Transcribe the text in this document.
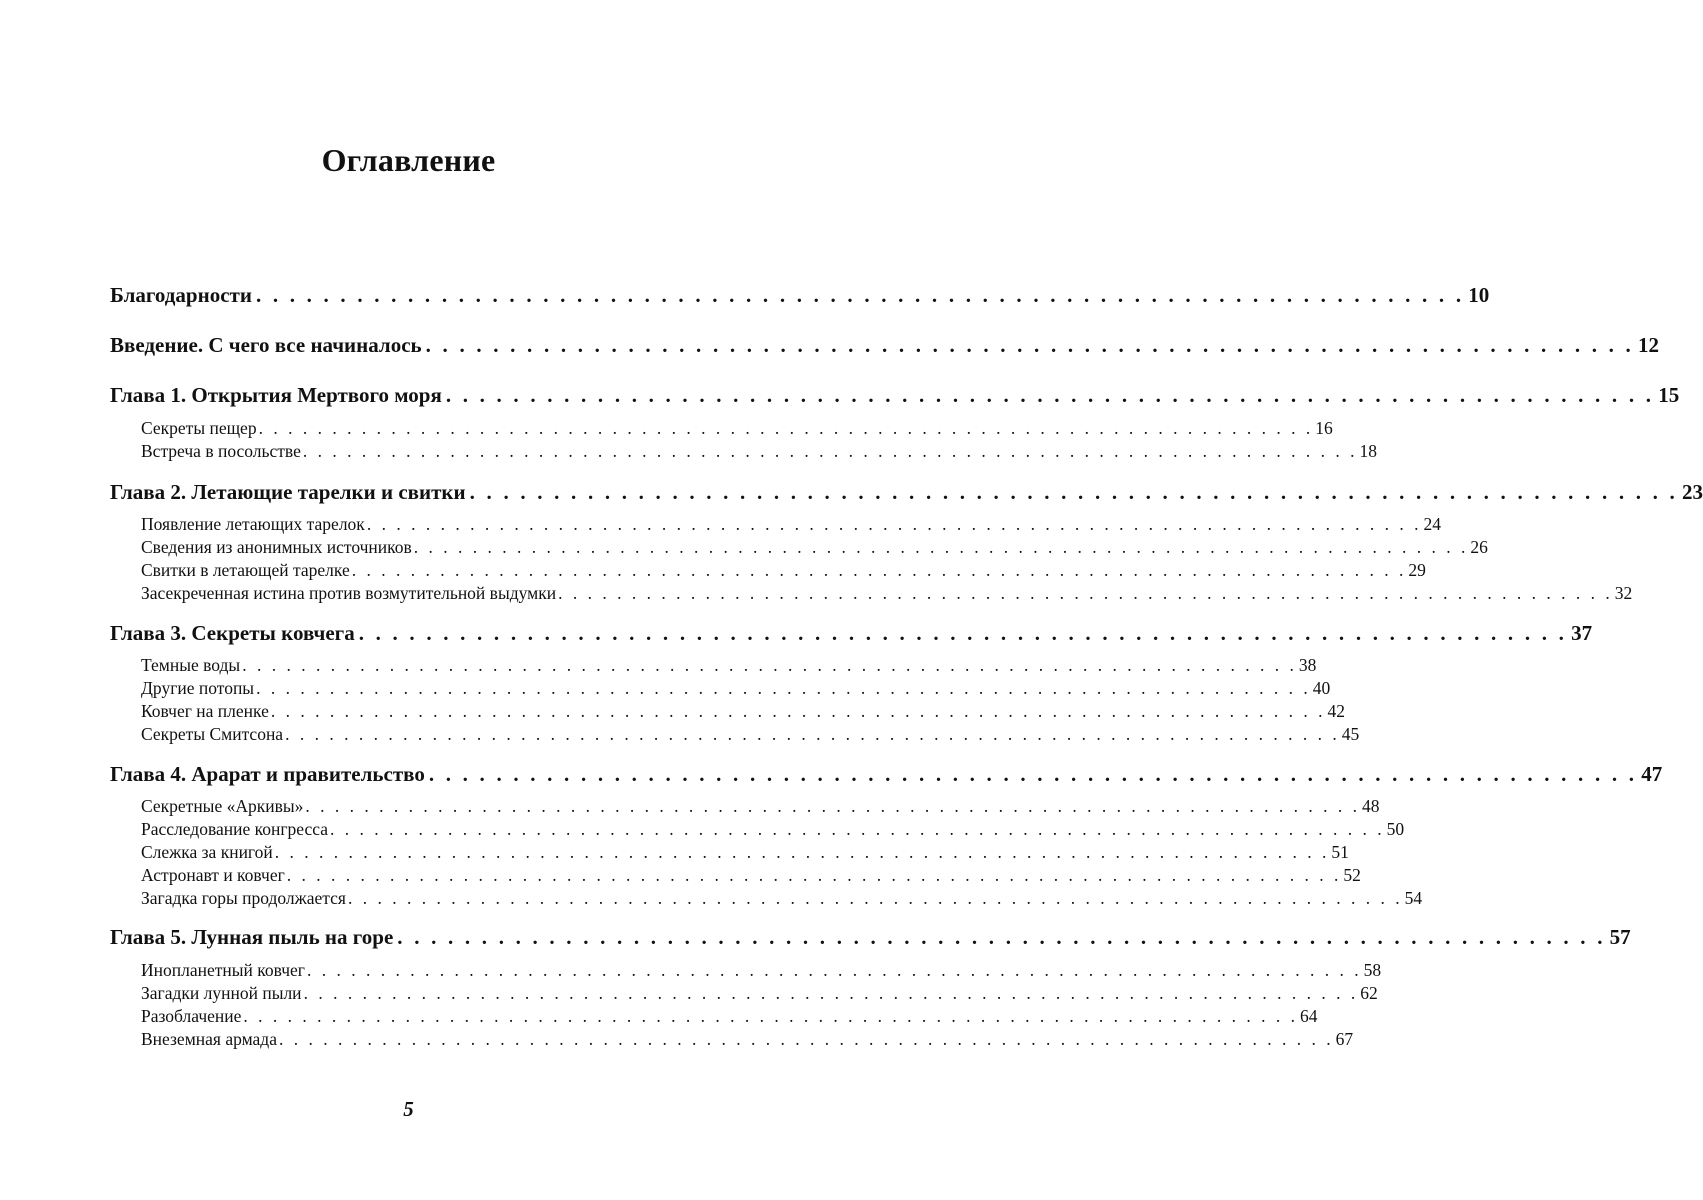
Оглавление
Благодарности . . . . . . . . . . . . . . . . . . . . . . . . . . . . . . . . . . . . . . . . . . . . . . . . . . . . . . . . . . . . . . . . . . . . . . . . 10
Введение. С чего все начиналось . . . . . . . . . . . . . . . . . . . . . . . . . . . . . . . . . . . . . . . . . . . . . . . . . . . . . . . . . . . . . . . . . . . . . . . . 12
Глава 1. Открытия Мертвого моря . . . . . . . . . . . . . . . . . . . . . . . . . . . . . . . . . . . . . . . . . . . . . . . . . . . . . . . . . . . . . . . . . . . . . . . . 15
Секреты пещер . . . . . . . . . . . . . . . . . . . . . . . . . . . . . . . . . . . . . . . . . . . . . . . . . . . . . . . . . . . . . . . . . . . . . . . . 16
Встреча в посольстве . . . . . . . . . . . . . . . . . . . . . . . . . . . . . . . . . . . . . . . . . . . . . . . . . . . . . . . . . . . . . . . . . . . . . . . . 18
Глава 2. Летающие тарелки и свитки . . . . . . . . . . . . . . . . . . . . . . . . . . . . . . . . . . . . . . . . . . . . . . . . . . . . . . . . . . . . . . . . . . . . . . . . 23
Появление летающих тарелок . . . . . . . . . . . . . . . . . . . . . . . . . . . . . . . . . . . . . . . . . . . . . . . . . . . . . . . . . . . . . . . . . . . . . . . . 24
Сведения из анонимных источников . . . . . . . . . . . . . . . . . . . . . . . . . . . . . . . . . . . . . . . . . . . . . . . . . . . . . . . . . . . . . . . . . . . . . . . . 26
Свитки в летающей тарелке . . . . . . . . . . . . . . . . . . . . . . . . . . . . . . . . . . . . . . . . . . . . . . . . . . . . . . . . . . . . . . . . . . . . . . . . 29
Засекреченная истина против возмутительной выдумки . . . . . . . . . . . . . . . . . . . . . . . . . . . . . . . . . . . . . . . . . . . . . . . . . . . . . . . . . . . . . . . . . . . . . . . . 32
Глава 3. Секреты ковчега . . . . . . . . . . . . . . . . . . . . . . . . . . . . . . . . . . . . . . . . . . . . . . . . . . . . . . . . . . . . . . . . . . . . . . . . 37
Темные воды . . . . . . . . . . . . . . . . . . . . . . . . . . . . . . . . . . . . . . . . . . . . . . . . . . . . . . . . . . . . . . . . . . . . . . . . 38
Другие потопы . . . . . . . . . . . . . . . . . . . . . . . . . . . . . . . . . . . . . . . . . . . . . . . . . . . . . . . . . . . . . . . . . . . . . . . . 40
Ковчег на пленке . . . . . . . . . . . . . . . . . . . . . . . . . . . . . . . . . . . . . . . . . . . . . . . . . . . . . . . . . . . . . . . . . . . . . . . . 42
Секреты Смитсона . . . . . . . . . . . . . . . . . . . . . . . . . . . . . . . . . . . . . . . . . . . . . . . . . . . . . . . . . . . . . . . . . . . . . . . . 45
Глава 4. Арарат и правительство . . . . . . . . . . . . . . . . . . . . . . . . . . . . . . . . . . . . . . . . . . . . . . . . . . . . . . . . . . . . . . . . . . . . . . . . 47
Секретные «Аркивы» . . . . . . . . . . . . . . . . . . . . . . . . . . . . . . . . . . . . . . . . . . . . . . . . . . . . . . . . . . . . . . . . . . . . . . . . 48
Расследование конгресса . . . . . . . . . . . . . . . . . . . . . . . . . . . . . . . . . . . . . . . . . . . . . . . . . . . . . . . . . . . . . . . . . . . . . . . . 50
Слежка за книгой . . . . . . . . . . . . . . . . . . . . . . . . . . . . . . . . . . . . . . . . . . . . . . . . . . . . . . . . . . . . . . . . . . . . . . . . 51
Астронавт и ковчег . . . . . . . . . . . . . . . . . . . . . . . . . . . . . . . . . . . . . . . . . . . . . . . . . . . . . . . . . . . . . . . . . . . . . . . . 52
Загадка горы продолжается . . . . . . . . . . . . . . . . . . . . . . . . . . . . . . . . . . . . . . . . . . . . . . . . . . . . . . . . . . . . . . . . . . . . . . . . 54
Глава 5. Лунная пыль на горе . . . . . . . . . . . . . . . . . . . . . . . . . . . . . . . . . . . . . . . . . . . . . . . . . . . . . . . . . . . . . . . . . . . . . . . . 57
Инопланетный ковчег . . . . . . . . . . . . . . . . . . . . . . . . . . . . . . . . . . . . . . . . . . . . . . . . . . . . . . . . . . . . . . . . . . . . . . . . 58
Загадки лунной пыли . . . . . . . . . . . . . . . . . . . . . . . . . . . . . . . . . . . . . . . . . . . . . . . . . . . . . . . . . . . . . . . . . . . . . . . . 62
Разоблачение . . . . . . . . . . . . . . . . . . . . . . . . . . . . . . . . . . . . . . . . . . . . . . . . . . . . . . . . . . . . . . . . . . . . . . . . 64
Внеземная армада . . . . . . . . . . . . . . . . . . . . . . . . . . . . . . . . . . . . . . . . . . . . . . . . . . . . . . . . . . . . . . . . . . . . . . . . 67
5
